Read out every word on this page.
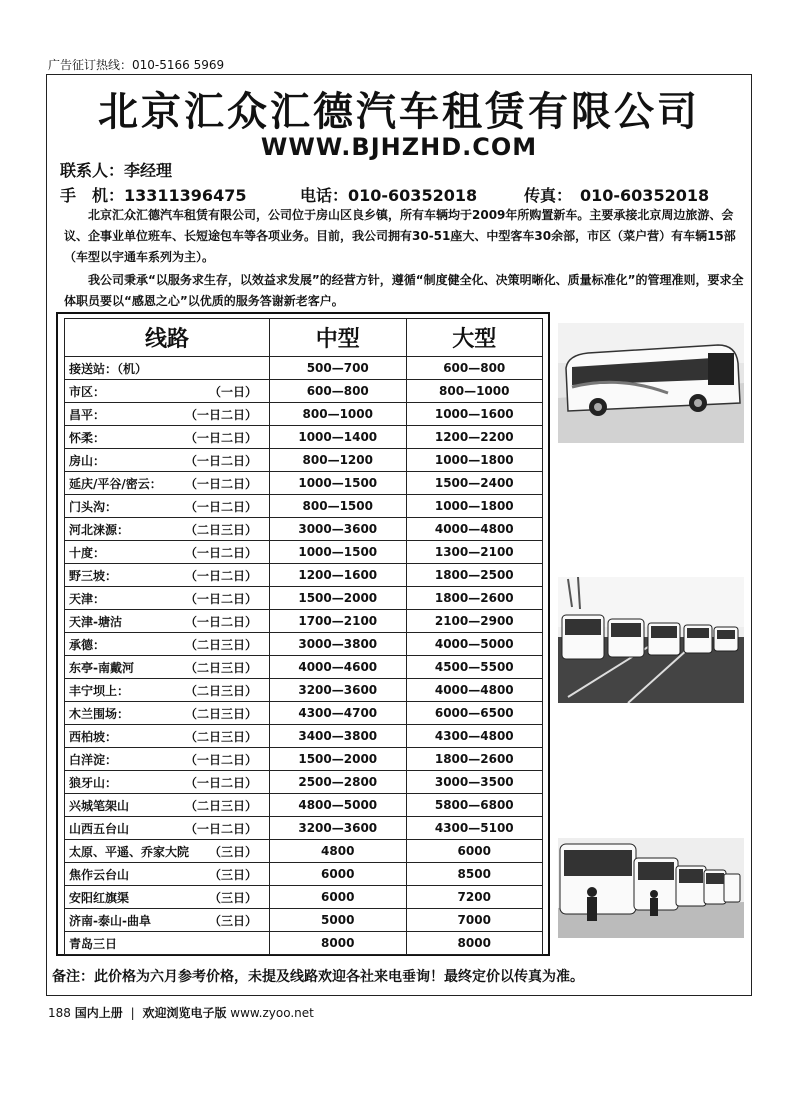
广告征订热线：010-5166 5969
北京汇众汇德汽车租赁有限公司
WWW.BJHZHD.COM
联系人：李经理
手　机：13311396475	电话：010-60352018	传真：　010-60352018

北京汇众汇德汽车租赁有限公司，公司位于房山区良乡镇，所有车辆均于2009年所购置新车。主要承接北京周边旅游、会议、企事业单位班车、长短途包车等各项业务。目前，我公司拥有30-51座大、中型客车30余部，市区（菜户营）有车辆15部（车型以宇通车系列为主）。

我公司秉承“以服务求生存，以效益求发展”的经营方针，遵循“制度健全化、决策明晰化、质量标准化”的管理准则，要求全体职员要以“感恩之心”以优质的服务答谢新老客户。

线路	中型	大型
接送站：（机）	500—700	600—800
市区： （一日）	600—800	800—1000
昌平： （一日二日）	800—1000	1000—1600
怀柔： （一日二日）	1000—1400	1200—2200
房山： （一日二日）	800—1200	1000—1800
延庆/平谷/密云： （一日二日）	1000—1500	1500—2400
门头沟： （一日二日）	800—1500	1000—1800
河北涞源： （二日三日）	3000—3600	4000—4800
十度： （一日二日）	1000—1500	1300—2100
野三坡： （一日二日）	1200—1600	1800—2500
天津： （一日二日）	1500—2000	1800—2600
天津-塘沽 （一日二日）	1700—2100	2100—2900
承德： （二日三日）	3000—3800	4000—5000
东亭-南戴河 （二日三日）	4000—4600	4500—5500
丰宁坝上： （二日三日）	3200—3600	4000—4800
木兰围场： （二日三日）	4300—4700	6000—6500
西柏坡： （二日三日）	3400—3800	4300—4800
白洋淀： （一日二日）	1500—2000	1800—2600
狼牙山： （一日二日）	2500—2800	3000—3500
兴城笔架山 （二日三日）	4800—5000	5800—6800
山西五台山 （一日二日）	3200—3600	4300—5100
太原、平遥、乔家大院 （三日）	4800	6000
焦作云台山 （三日）	6000	8500
安阳红旗渠 （三日）	6000	7200
济南-泰山-曲阜 （三日）	5000	7000
青岛三日	8000	8000
备注：此价格为六月参考价格，未提及线路欢迎各社来电垂询！最终定价以传真为准。
188 国内上册 | 欢迎浏览电子版 www.zyoo.net
